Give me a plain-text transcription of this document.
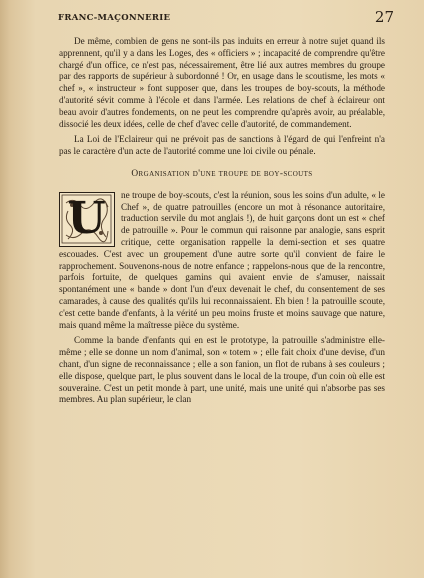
FRANC-MAÇONNERIE	27

De même, combien de gens ne sont-ils pas induits en erreur à notre sujet quand ils apprennent, qu'il y a dans les Loges, des « officiers » ; incapacité de comprendre qu'être chargé d'un office, ce n'est pas, nécessairement, être lié aux autres membres du groupe par des rapports de supérieur à subordonné ! Or, en usage dans le scoutisme, les mots « chef », « instructeur » font supposer que, dans les troupes de boy-scouts, la méthode d'autorité sévit comme à l'école et dans l'armée. Les relations de chef à éclaireur ont beau avoir d'autres fondements, on ne peut les comprendre qu'après avoir, au préalable, dissocié les deux idées, celle de chef d'avec celle d'autorité, de commandement.

La Loi de l'Eclaireur qui ne prévoit pas de sanctions à l'égard de qui l'enfreint n'a pas le caractère d'un acte de l'autorité comme une loi civile ou pénale.

Organisation d'une troupe de boy-scouts
U	ne troupe de boy-scouts, c'est la réunion, sous les soins d'un adulte, « le Chef », de quatre patrouilles (encore un mot à résonance autoritaire, traduction servile du mot anglais !), de huit garçons dont un est « chef de patrouille ». Pour le commun qui raisonne par analogie, sans esprit critique, cette organisation rappelle la demi-section et ses quatre escouades. C'est avec un groupement d'une autre sorte qu'il convient de faire le rapprochement. Souvenons-nous de notre enfance ; rappelons-nous que de la rencontre, parfois fortuite, de quelques gamins qui avaient envie de s'amuser, naissait spontanément une « bande » dont l'un d'eux devenait le chef, du consentement de ses camarades, à cause des qualités qu'ils lui reconnaissaient. Eh bien ! la patrouille scoute, c'est cette bande d'enfants, à la vérité un peu moins fruste et moins sauvage que nature, mais quand même la maîtresse pièce du système.

Comme la bande d'enfants qui en est le prototype, la patrouille s'administre elle-même ; elle se donne un nom d'animal, son « totem » ; elle fait choix d'une devise, d'un chant, d'un signe de reconnaissance ; elle a son fanion, un flot de rubans à ses couleurs ; elle dispose, quelque part, le plus souvent dans le local de la troupe, d'un coin où elle est souveraine. C'est un petit monde à part, une unité, mais une unité qui n'absorbe pas ses membres. Au plan supérieur, le clan
